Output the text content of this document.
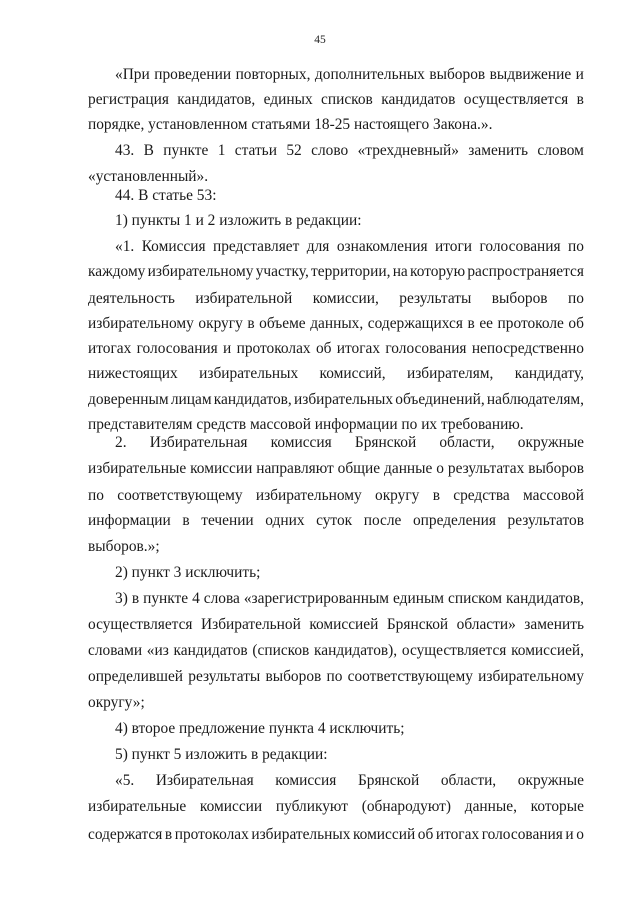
45
«При проведении повторных, дополнительных выборов выдвижение и
регистрация кандидатов, единых списков кандидатов осуществляется в
порядке, установленном статьями 18-25 настоящего Закона.».
43. В пункте 1 статьи 52 слово «трехдневный» заменить словом
«установленный».
44. В статье 53:
1) пункты 1 и 2 изложить в редакции:
«1. Комиссия представляет для ознакомления итоги голосования по
каждому избирательному участку, территории, на которую распространяется
деятельность избирательной комиссии, результаты выборов по
избирательному округу в объеме данных, содержащихся в ее протоколе об
итогах голосования и протоколах об итогах голосования непосредственно
нижестоящих избирательных комиссий, избирателям, кандидату,
доверенным лицам кандидатов, избирательных объединений, наблюдателям,
представителям средств массовой информации по их требованию.
2. Избирательная комиссия Брянской области, окружные
избирательные комиссии направляют общие данные о результатах выборов
по соответствующему избирательному округу в средства массовой
информации в течении одних суток после определения результатов
выборов.»;
2) пункт 3 исключить;
3) в пункте 4 слова «зарегистрированным единым списком кандидатов,
осуществляется Избирательной комиссией Брянской области» заменить
словами «из кандидатов (списков кандидатов), осуществляется комиссией,
определившей результаты выборов по соответствующему избирательному
округу»;
4) второе предложение пункта 4 исключить;
5) пункт 5 изложить в редакции:
«5. Избирательная комиссия Брянской области, окружные
избирательные комиссии публикуют (обнародуют) данные, которые
содержатся в протоколах избирательных комиссий об итогах голосования и о
